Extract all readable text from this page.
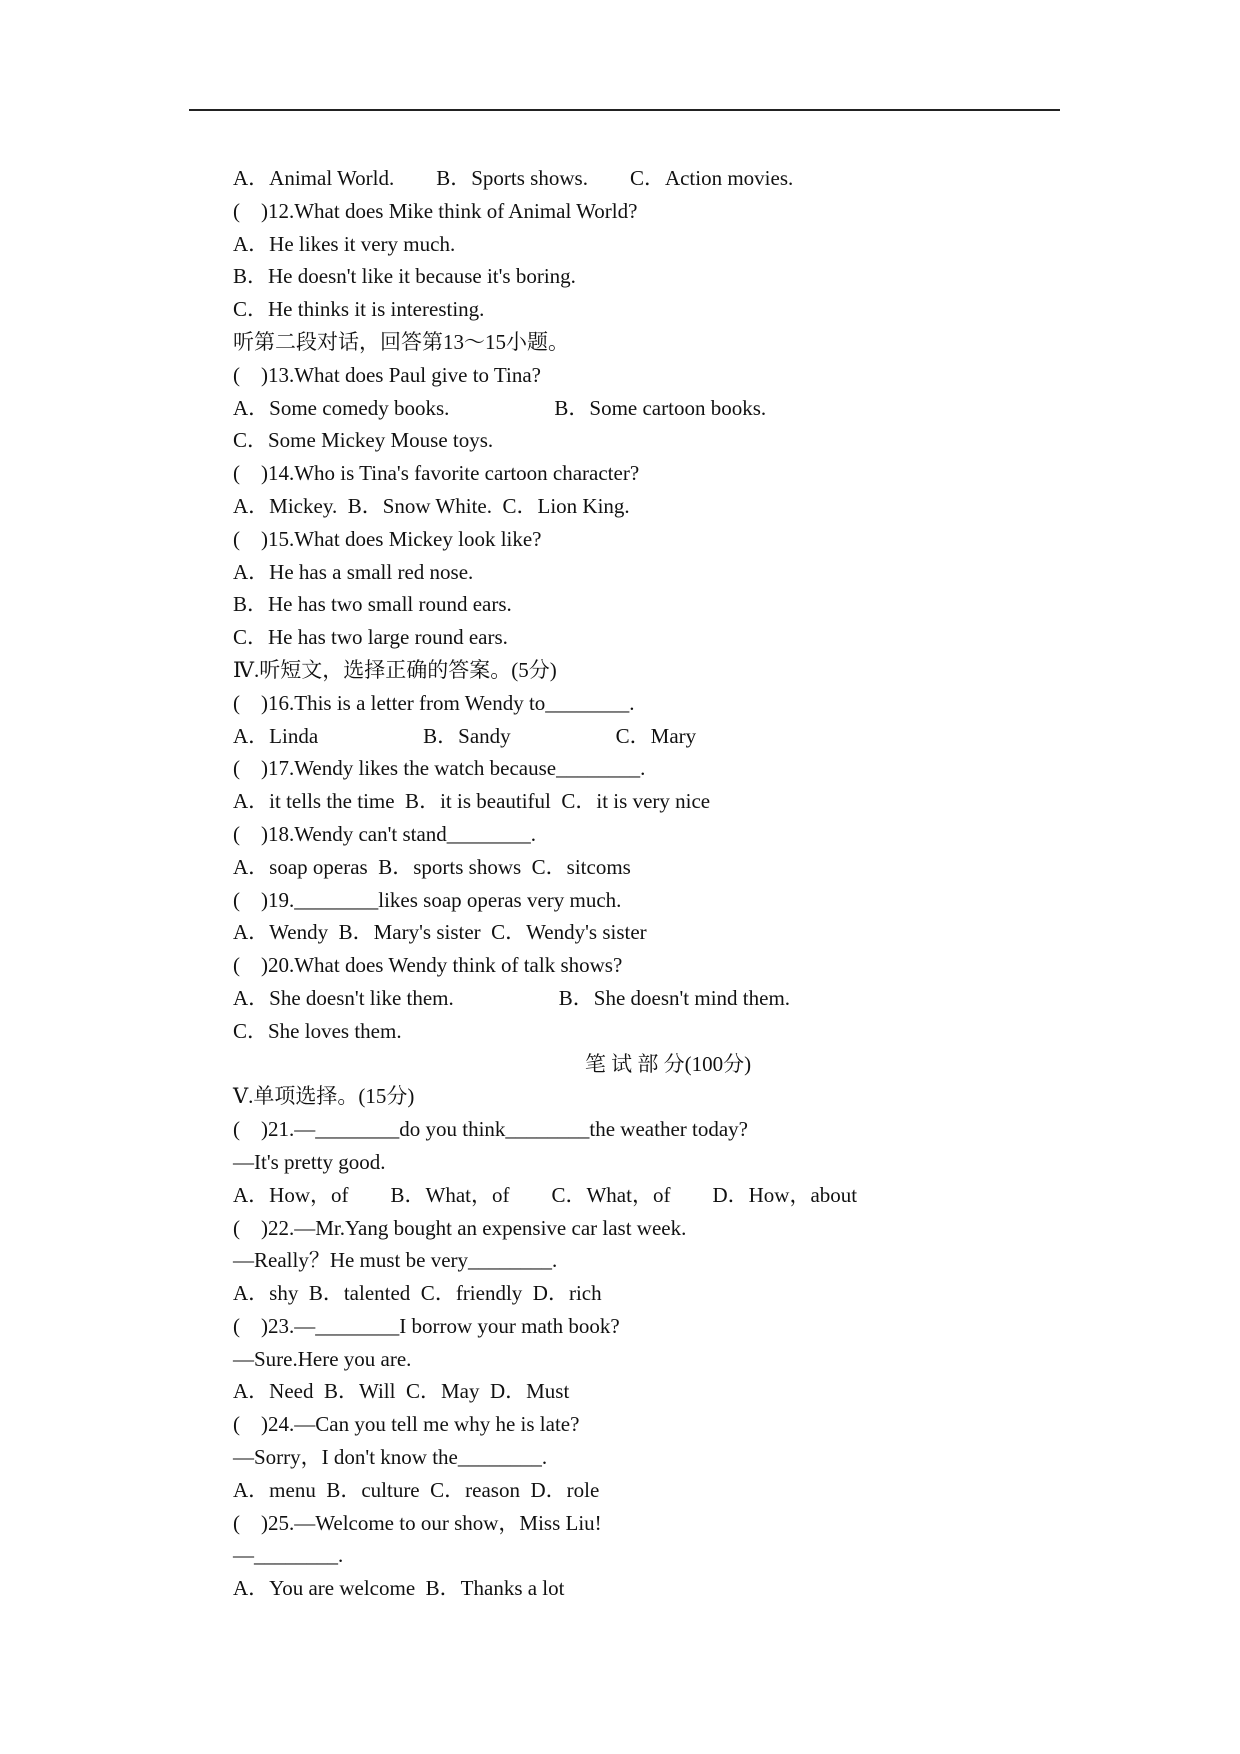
A．Animal World.        B．Sports shows.        C．Action movies.
(    )12.What does Mike think of Animal World?
A．He likes it very much.
B．He doesn't like it because it's boring.
C．He thinks it is interesting.
听第二段对话，回答第13～15小题。
(    )13.What does Paul give to Tina?
A．Some comedy books.                    B．Some cartoon books.
C．Some Mickey Mouse toys.
(    )14.Who is Tina's favorite cartoon character?
A．Mickey.  B．Snow White.  C．Lion King.
(    )15.What does Mickey look like?
A．He has a small red nose.
B．He has two small round ears.
C．He has two large round ears.
Ⅳ.听短文，选择正确的答案。(5分)
(    )16.This is a letter from Wendy to________.
A．Linda                    B．Sandy                    C．Mary
(    )17.Wendy likes the watch because________.
A．it tells the time  B．it is beautiful  C．it is very nice
(    )18.Wendy can't stand________.
A．soap operas  B．sports shows  C．sitcoms
(    )19.________likes soap operas very much.
A．Wendy  B．Mary's sister  C．Wendy's sister
(    )20.What does Wendy think of talk shows?
A．She doesn't like them.                    B．She doesn't mind them.
C．She loves them.
笔 试 部 分(100分)
Ⅴ.单项选择。(15分)
(    )21.—________do you think________the weather today?
—It's pretty good.
A．How，of        B．What，of        C．What，of        D．How，about
(    )22.—Mr.Yang bought an expensive car last week.
—Really？He must be very________.
A．shy  B．talented  C．friendly  D．rich
(    )23.—________I borrow your math book?
—Sure.Here you are.
A．Need  B．Will  C．May  D．Must
(    )24.—Can you tell me why he is late?
—Sorry，I don't know the________.
A．menu  B．culture  C．reason  D．role
(    )25.—Welcome to our show，Miss Liu!
—________.
A．You are welcome  B．Thanks a lot
